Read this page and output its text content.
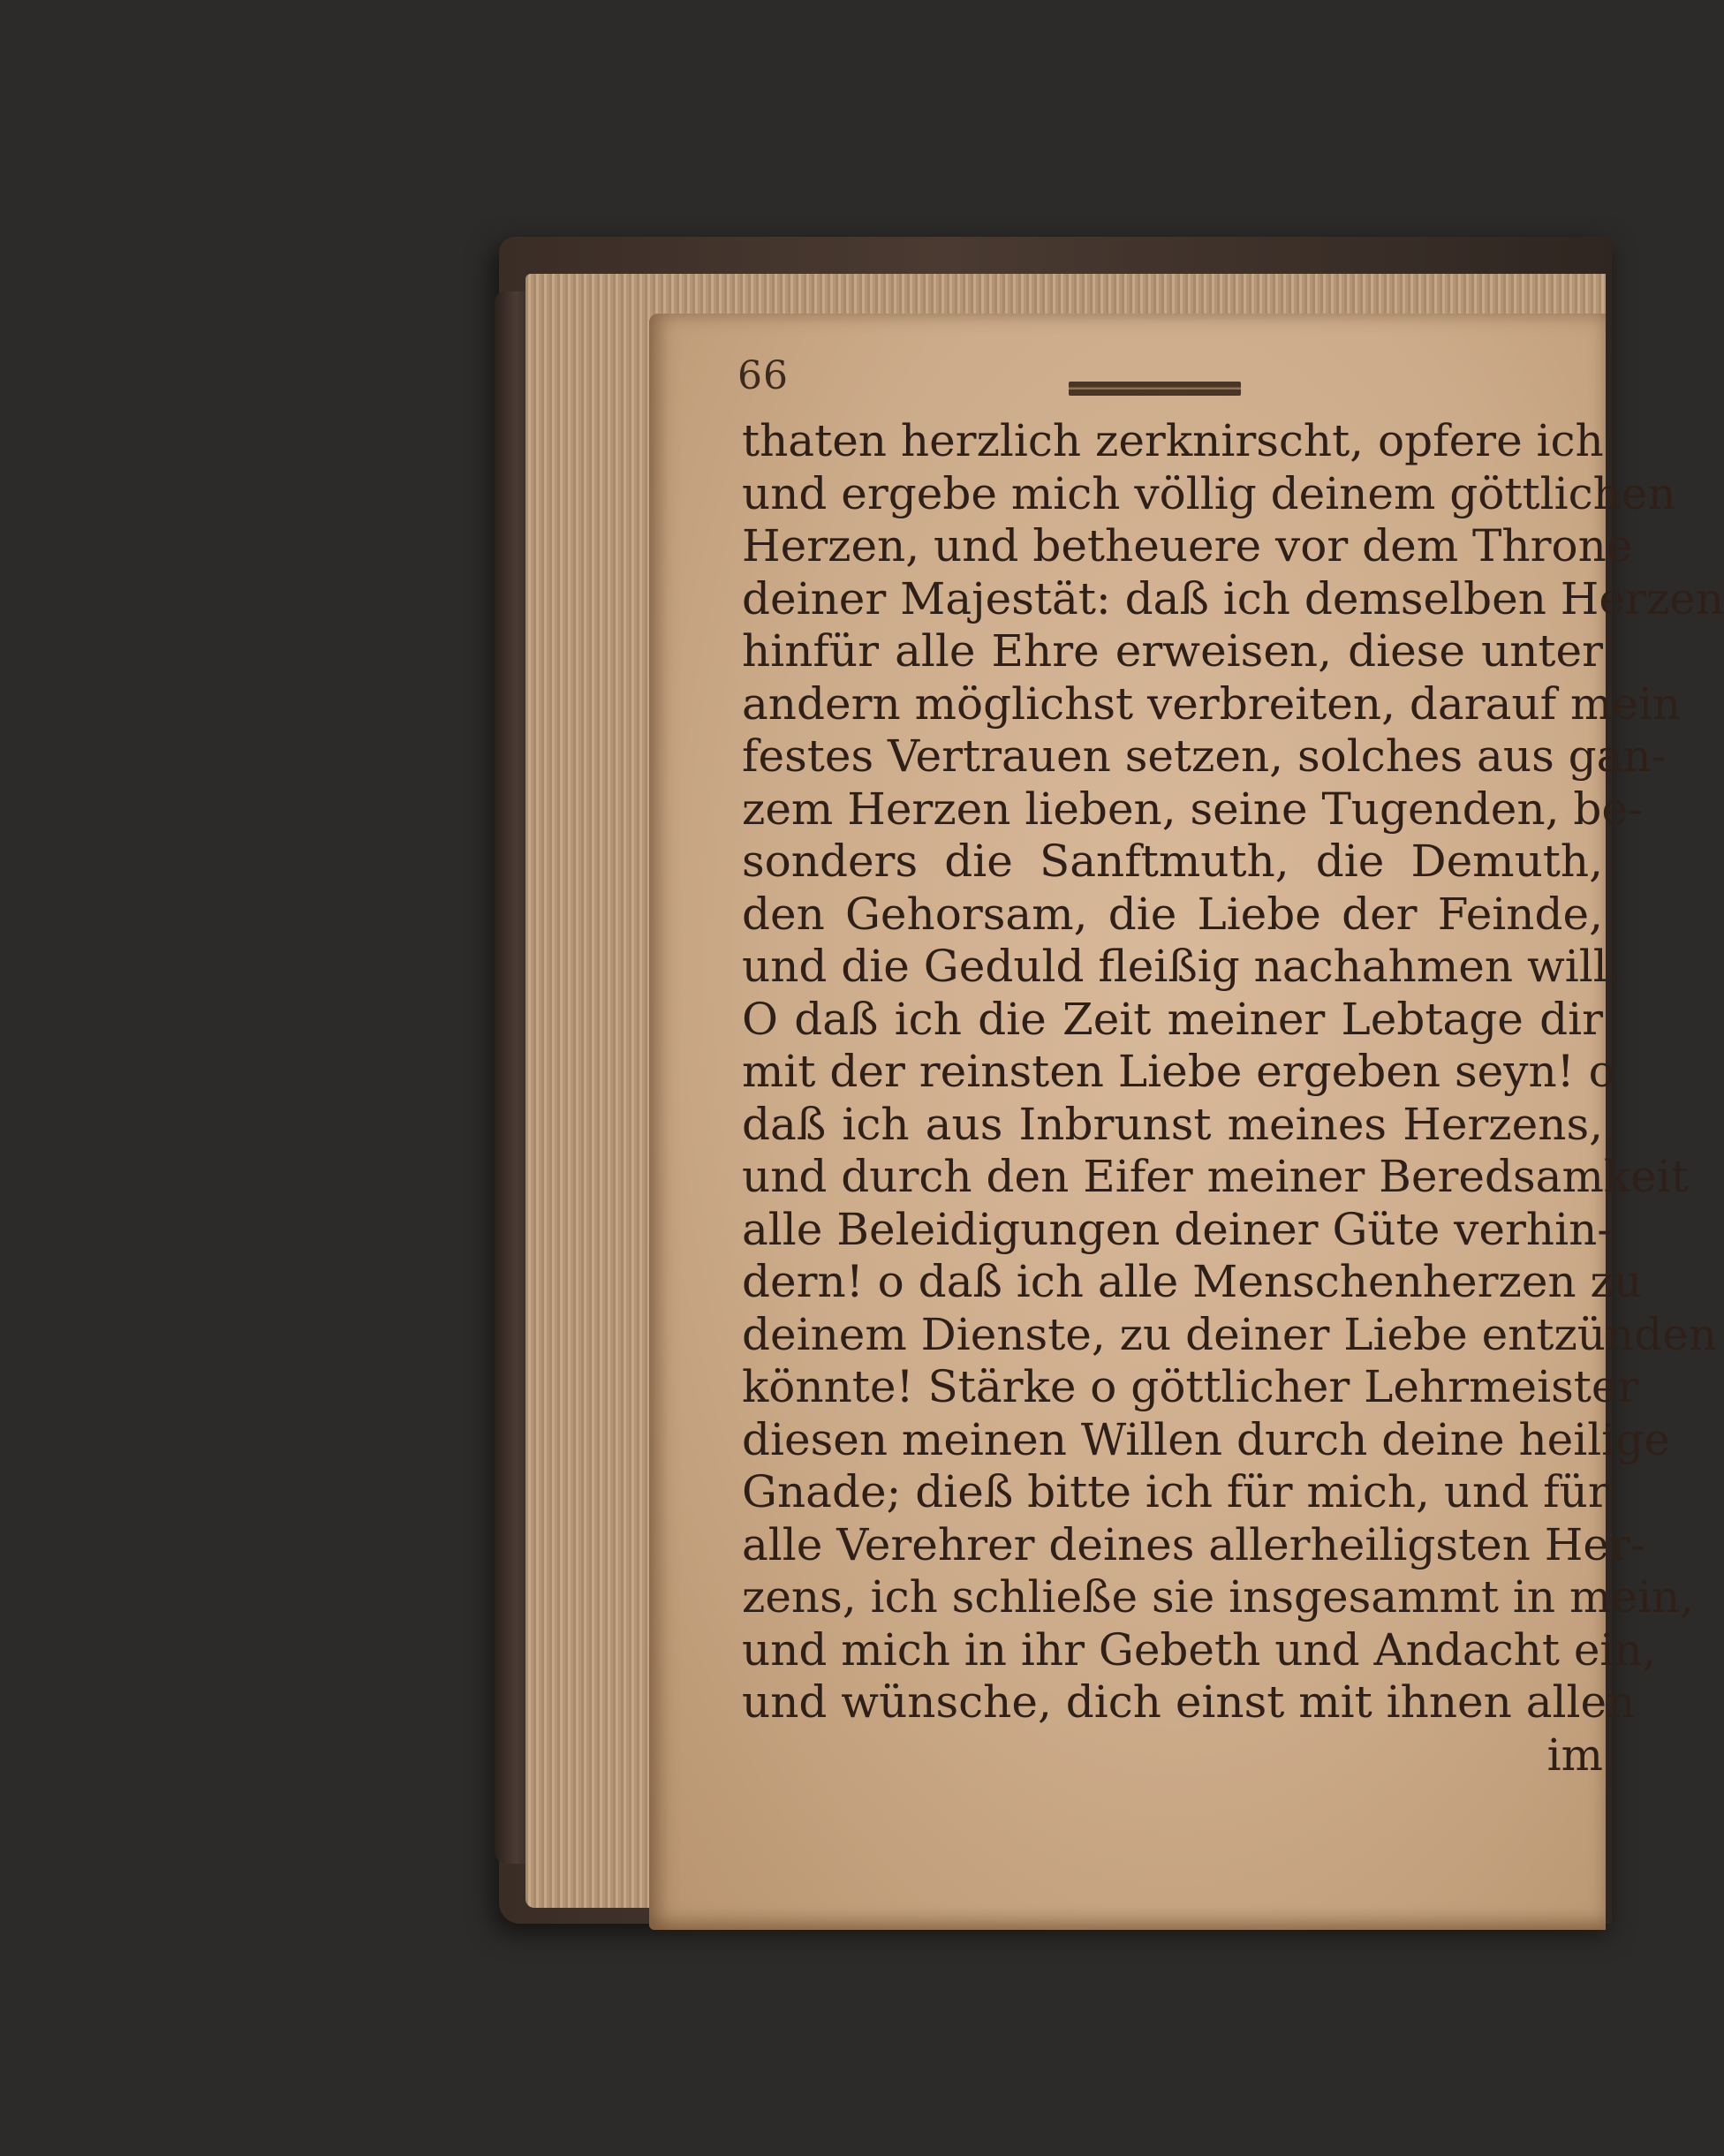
66
thaten herzlich zerknirscht, opfere ich
und ergebe mich völlig deinem göttlichen
Herzen, und betheuere vor dem Throne
deiner Majestät: daß ich demselben Herzen
hinfür alle Ehre erweisen, diese unter
andern möglichst verbreiten, darauf mein
festes Vertrauen setzen, solches aus gan-
zem Herzen lieben, seine Tugenden, be-
sonders die Sanftmuth, die Demuth,
den Gehorsam, die Liebe der Feinde,
und die Geduld fleißig nachahmen will.
O daß ich die Zeit meiner Lebtage dir
mit der reinsten Liebe ergeben seyn! o
daß ich aus Inbrunst meines Herzens,
und durch den Eifer meiner Beredsamkeit
alle Beleidigungen deiner Güte verhin-
dern! o daß ich alle Menschenherzen zu
deinem Dienste, zu deiner Liebe entzünden
könnte! Stärke o göttlicher Lehrmeister
diesen meinen Willen durch deine heilige
Gnade; dieß bitte ich für mich, und für
alle Verehrer deines allerheiligsten Her-
zens, ich schließe sie insgesammt in mein,
und mich in ihr Gebeth und Andacht ein,
und wünsche, dich einst mit ihnen allen
im
